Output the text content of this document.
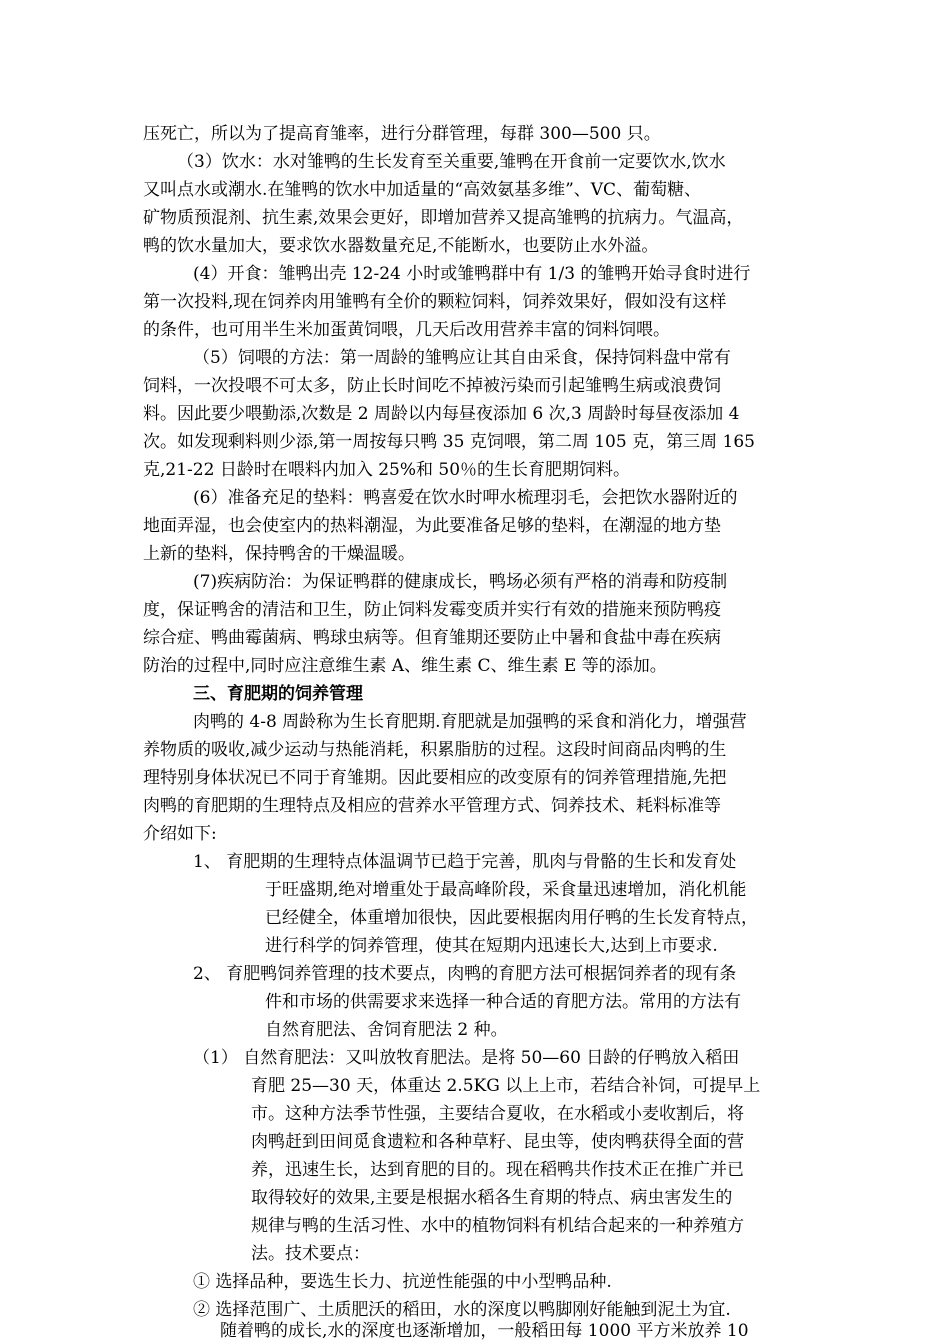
压死亡，所以为了提高育雏率，进行分群管理，每群 300—500 只。
（3）饮水：水对雏鸭的生长发育至关重要,雏鸭在开食前一定要饮水,饮水
又叫点水或潮水.在雏鸭的饮水中加适量的“高效氨基多维”、VC、葡萄糖、
矿物质预混剂、抗生素,效果会更好，即增加营养又提高雏鸭的抗病力。气温高，
鸭的饮水量加大，要求饮水器数量充足,不能断水，也要防止水外溢。
(4）开食：雏鸭出壳 12-24 小时或雏鸭群中有 1/3 的雏鸭开始寻食时进行
第一次投料,现在饲养肉用雏鸭有全价的颗粒饲料，饲养效果好，假如没有这样
的条件，也可用半生米加蛋黄饲喂，几天后改用营养丰富的饲料饲喂。
（5）饲喂的方法：第一周龄的雏鸭应让其自由采食，保持饲料盘中常有
饲料，一次投喂不可太多，防止长时间吃不掉被污染而引起雏鸭生病或浪费饲
料。因此要少喂勤添,次数是 2 周龄以内每昼夜添加 6 次,3 周龄时每昼夜添加 4
次。如发现剩料则少添,第一周按每只鸭 35 克饲喂，第二周 105 克，第三周 165
克,21-22 日龄时在喂料内加入 25%和 50％的生长育肥期饲料。
(6）准备充足的垫料：鸭喜爱在饮水时呷水梳理羽毛，会把饮水器附近的
地面弄湿，也会使室内的热料潮湿，为此要准备足够的垫料，在潮湿的地方垫
上新的垫料，保持鸭舍的干燥温暖。
(7)疾病防治：为保证鸭群的健康成长，鸭场必须有严格的消毒和防疫制
度，保证鸭舍的清洁和卫生，防止饲料发霉变质并实行有效的措施来预防鸭疫
综合症、鸭曲霉菌病、鸭球虫病等。但育雏期还要防止中暑和食盐中毒在疾病
防治的过程中,同时应注意维生素 A、维生素 C、维生素 E 等的添加。
三、育肥期的饲养管理
肉鸭的 4-8 周龄称为生长育肥期.育肥就是加强鸭的采食和消化力，增强营
养物质的吸收,减少运动与热能消耗，积累脂肪的过程。这段时间商品肉鸭的生
理特别身体状况已不同于育雏期。因此要相应的改变原有的饲养管理措施,先把
肉鸭的育肥期的生理特点及相应的营养水平管理方式、饲养技术、耗料标准等
介绍如下:
1、 育肥期的生理特点体温调节已趋于完善，肌肉与骨骼的生长和发育处
于旺盛期,绝对增重处于最高峰阶段，采食量迅速增加，消化机能
已经健全，体重增加很快，因此要根据肉用仔鸭的生长发育特点，
进行科学的饲养管理，使其在短期内迅速长大,达到上市要求.
2、 育肥鸭饲养管理的技术要点，肉鸭的育肥方法可根据饲养者的现有条
件和市场的供需要求来选择一种合适的育肥方法。常用的方法有
自然育肥法、舍饲育肥法 2 种。
（1） 自然育肥法：又叫放牧育肥法。是将 50—60 日龄的仔鸭放入稻田
育肥 25—30 天，体重达 2.5KG 以上上市，若结合补饲，可提早上
市。这种方法季节性强，主要结合夏收，在水稻或小麦收割后，将
肉鸭赶到田间觅食遗粒和各种草籽、昆虫等，使肉鸭获得全面的营
养，迅速生长，达到育肥的目的。现在稻鸭共作技术正在推广并已
取得较好的效果,主要是根据水稻各生育期的特点、病虫害发生的
规律与鸭的生活习性、水中的植物饲料有机结合起来的一种养殖方
法。技术要点：
① 选择品种，要选生长力、抗逆性能强的中小型鸭品种.
② 选择范围广、土质肥沃的稻田，水的深度以鸭脚刚好能触到泥土为宜.
随着鸭的成长,水的深度也逐渐增加，一般稻田每 1000 平方米放养 10
